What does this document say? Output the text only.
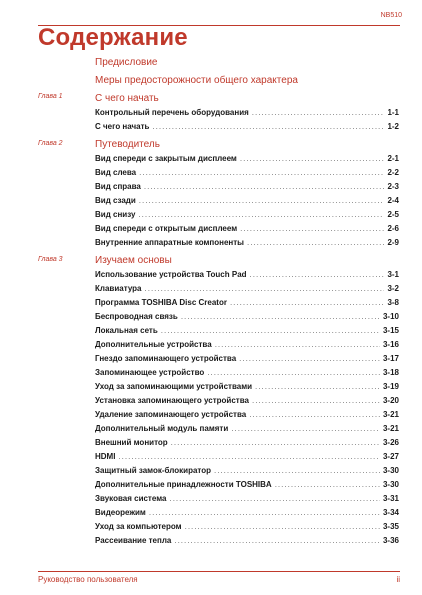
NB510
Содержание
Предисловие
Меры предосторожности общего характера
Глава 1	С чего начать
Контрольный перечень оборудования .....	1-1
С чего начать .....	1-2
Глава 2	Путеводитель
Вид спереди с закрытым дисплеем .....	2-1
Вид слева .....	2-2
Вид справа .....	2-3
Вид сзади .....	2-4
Вид снизу .....	2-5
Вид спереди с открытым дисплеем .....	2-6
Внутренние аппаратные компоненты .....	2-9
Глава 3	Изучаем основы
Использование устройства Touch Pad .....	3-1
Клавиатура .....	3-2
Программа TOSHIBA Disc Creator .....	3-8
Беспроводная связь .....	3-10
Локальная сеть .....	3-15
Дополнительные устройства .....	3-16
Гнездо запоминающего устройства .....	3-17
Запоминающее устройство .....	3-18
Уход за запоминающими устройствами .....	3-19
Установка запоминающего устройства .....	3-20
Удаление запоминающего устройства .....	3-21
Дополнительный модуль памяти .....	3-21
Внешний монитор .....	3-26
HDMI .....	3-27
Защитный замок-блокиратор .....	3-30
Дополнительные принадлежности TOSHIBA .....	3-30
Звуковая система .....	3-31
Видеорежим .....	3-34
Уход за компьютером .....	3-35
Рассеивание тепла .....	3-36
Руководство пользователя	ii
